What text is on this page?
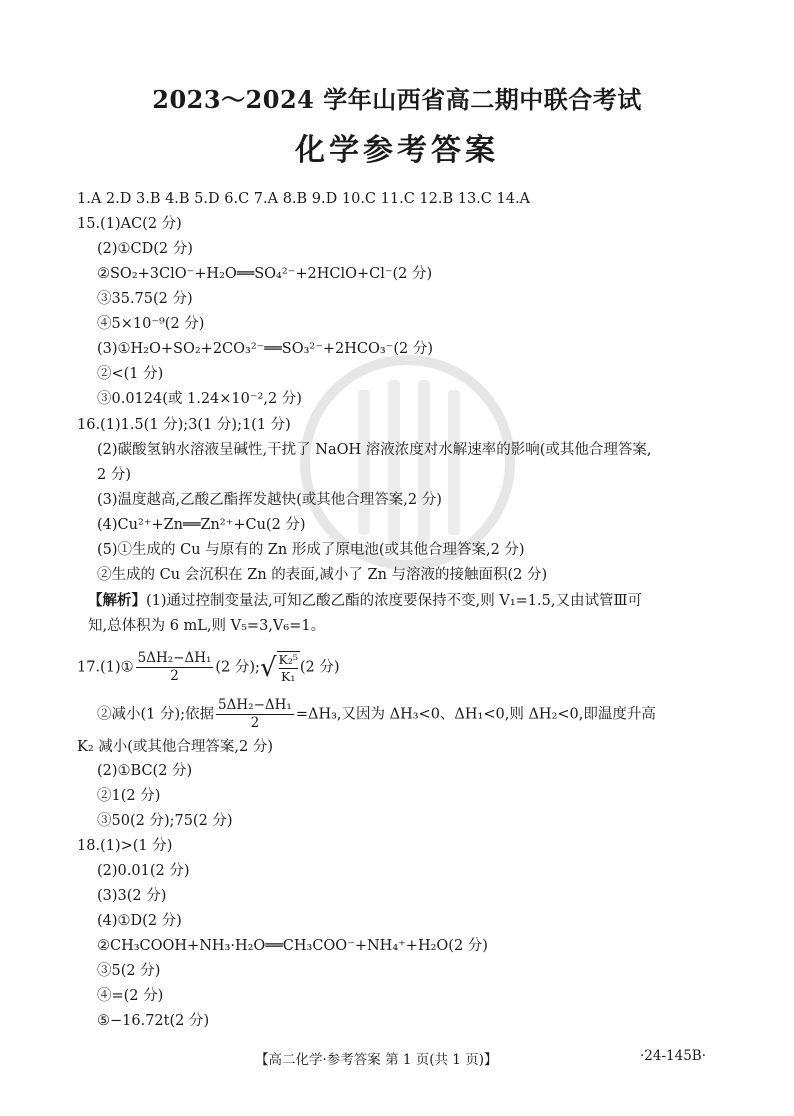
2023～2024 学年山西省高二期中联合考试
化学参考答案
1.A 2.D 3.B 4.B 5.D 6.C 7.A 8.B 9.D 10.C 11.C 12.B 13.C 14.A
15.(1)AC(2 分)
(2)①CD(2 分)
②SO₂+3ClO⁻+H₂O══SO₄²⁻+2HClO+Cl⁻(2 分)
③35.75(2 分)
④5×10⁻⁹(2 分)
(3)①H₂O+SO₂+2CO₃²⁻══SO₃²⁻+2HCO₃⁻(2 分)
②<(1 分)
③0.0124(或 1.24×10⁻²,2 分)
16.(1)1.5(1 分);3(1 分);1(1 分)
(2)碳酸氢钠水溶液呈碱性,干扰了 NaOH 溶液浓度对水解速率的影响(或其他合理答案,
2 分)
(3)温度越高,乙酸乙酯挥发越快(或其他合理答案,2 分)
(4)Cu²⁺+Zn══Zn²⁺+Cu(2 分)
(5)①生成的 Cu 与原有的 Zn 形成了原电池(或其他合理答案,2 分)
②生成的 Cu 会沉积在 Zn 的表面,减小了 Zn 与溶液的接触面积(2 分)
【解析】(1)通过控制变量法,可知乙酸乙酯的浓度要保持不变,则 V₁=1.5,又由试管Ⅲ可
知,总体积为 6 mL,则 V₅=3,V₆=1。
17.(1)① $\frac{\text{5ΔH₂−ΔH₁}}{2} (2$ 分); √ $\frac{\text{K₂⁵}}{\text{K₁}} (2$ 分)
②减小(1 分);依据 $\frac{\text{5ΔH₂−ΔH₁}}{2} =\Delta H_3$,又因为 ΔH₃<0、ΔH₁<0,则 ΔH₂<0,即温度升高
K₂ 减小(或其他合理答案,2 分)
(2)①BC(2 分)
②1(2 分)
③50(2 分);75(2 分)
18.(1)>(1 分)
(2)0.01(2 分)
(3)3(2 分)
(4)①D(2 分)
②CH₃COOH+NH₃·H₂O══CH₃COO⁻+NH₄⁺+H₂O(2 分)
③5(2 分)
④=(2 分)
⑤−16.72t(2 分)
【高二化学·参考答案 第 1 页(共 1 页)】	·24-145B·
